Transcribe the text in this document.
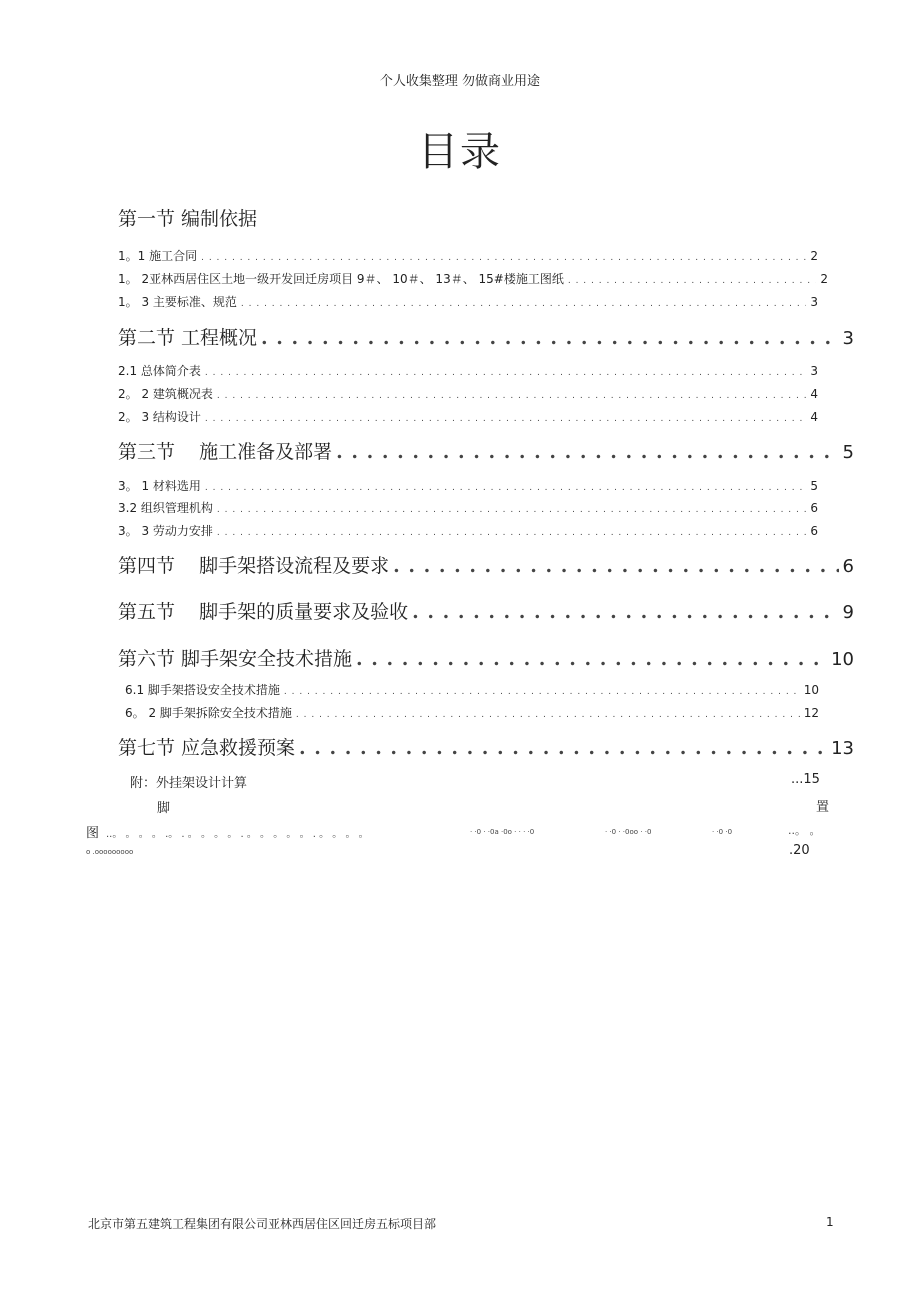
个人收集整理 勿做商业用途
目录
第一节 编制依据
1。1 施工合同 . . .	2
1。 2亚林西居住区土地一级开发回迁房项目 9＃、 10＃、 13＃、 15#楼施工图纸 . . .	2
1。 3 主要标准、规范 . . .	3
第二节 工程概况 . . .	3
2.1 总体简介表 . . .	3
2。 2 建筑概况表 . . .	4
2。 3 结构设计 . . .	4
第三节    施工准备及部署 . . .	5
3。 1 材料选用 . . .	5
3.2 组织管理机构 . . .	6
3。 3 劳动力安排 . . .	6
第四节    脚手架搭设流程及要求 . . .	6
第五节    脚手架的质量要求及验收 . . .	9
第六节 脚手架安全技术措施 . . .	10
6.1 脚手架搭设安全技术措施 . . .	10
6。 2 脚手架拆除安全技术措施 . . .	12
第七节 应急救援预案 . . .	13
附：外挂架设计计算	...15
脚	置
图 ..。 。 。 。 .。 . 。 。 。 。 . 。 。 。 。 。 . 。 。 。 。	· ·0 · ·0a ·0o · · · ·0	· ·0 · ·0oo · ·0	· ·0 ·0	..。 。
o .ooooooooo	.20
北京市第五建筑工程集团有限公司亚林西居住区回迁房五标项目部	1
